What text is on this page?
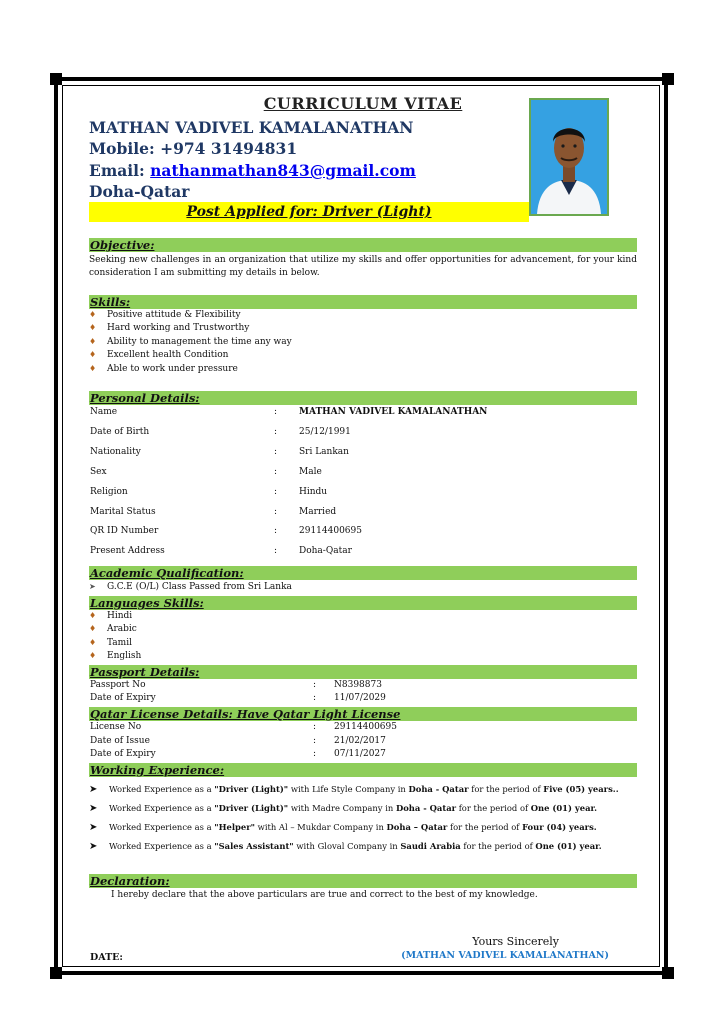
CURRICULUM VITAE
MATHAN VADIVEL KAMALANATHAN
Mobile: +974 31494831
Email: nathanmathan843@gmail.com
Doha-Qatar
Post Applied for: Driver (Light)
Objective:
Seeking new challenges in an organization that utilize my skills and offer opportunities for advancement, for your kind consideration I am submitting my details in below.
Skills:
♦ Positive attitude & Flexibility
♦ Hard working and Trustworthy
♦ Ability to management the time any way
♦ Excellent health Condition
♦ Able to work under pressure
Personal Details:
Name	: MATHAN VADIVEL KAMALANATHAN
Date of Birth	: 25/12/1991
Nationality	: Sri Lankan
Sex	: Male
Religion	: Hindu
Marital Status	: Married
QR ID Number	: 29114400695
Present Address	: Doha-Qatar
Academic Qualification:
➤ G.C.E (O/L) Class Passed from Sri Lanka
Languages Skills:
♦ Hindi
♦ Arabic
♦ Tamil
♦ English
Passport Details:
Passport No	: N8398873
Date of Expiry	: 11/07/2029
Qatar License Details: Have Qatar Light License
License No	: 29114400695
Date of Issue	: 21/02/2017
Date of Expiry	: 07/11/2027
Working Experience:
➤ Worked Experience as a "Driver (Light)" with Life Style Company in Doha - Qatar for the period of Five (05) years..
➤ Worked Experience as a "Driver (Light)" with Madre Company in Doha - Qatar for the period of One (01) year.
➤ Worked Experience as a "Helper" with Al – Mukdar Company in Doha – Qatar for the period of Four (04) years.
➤ Worked Experience as a "Sales Assistant" with Gloval Company in Saudi Arabia for the period of One (01) year.
Declaration:
I hereby declare that the above particulars are true and correct to the best of my knowledge.
Yours Sincerely
(MATHAN VADIVEL KAMALANATHAN)
DATE:
